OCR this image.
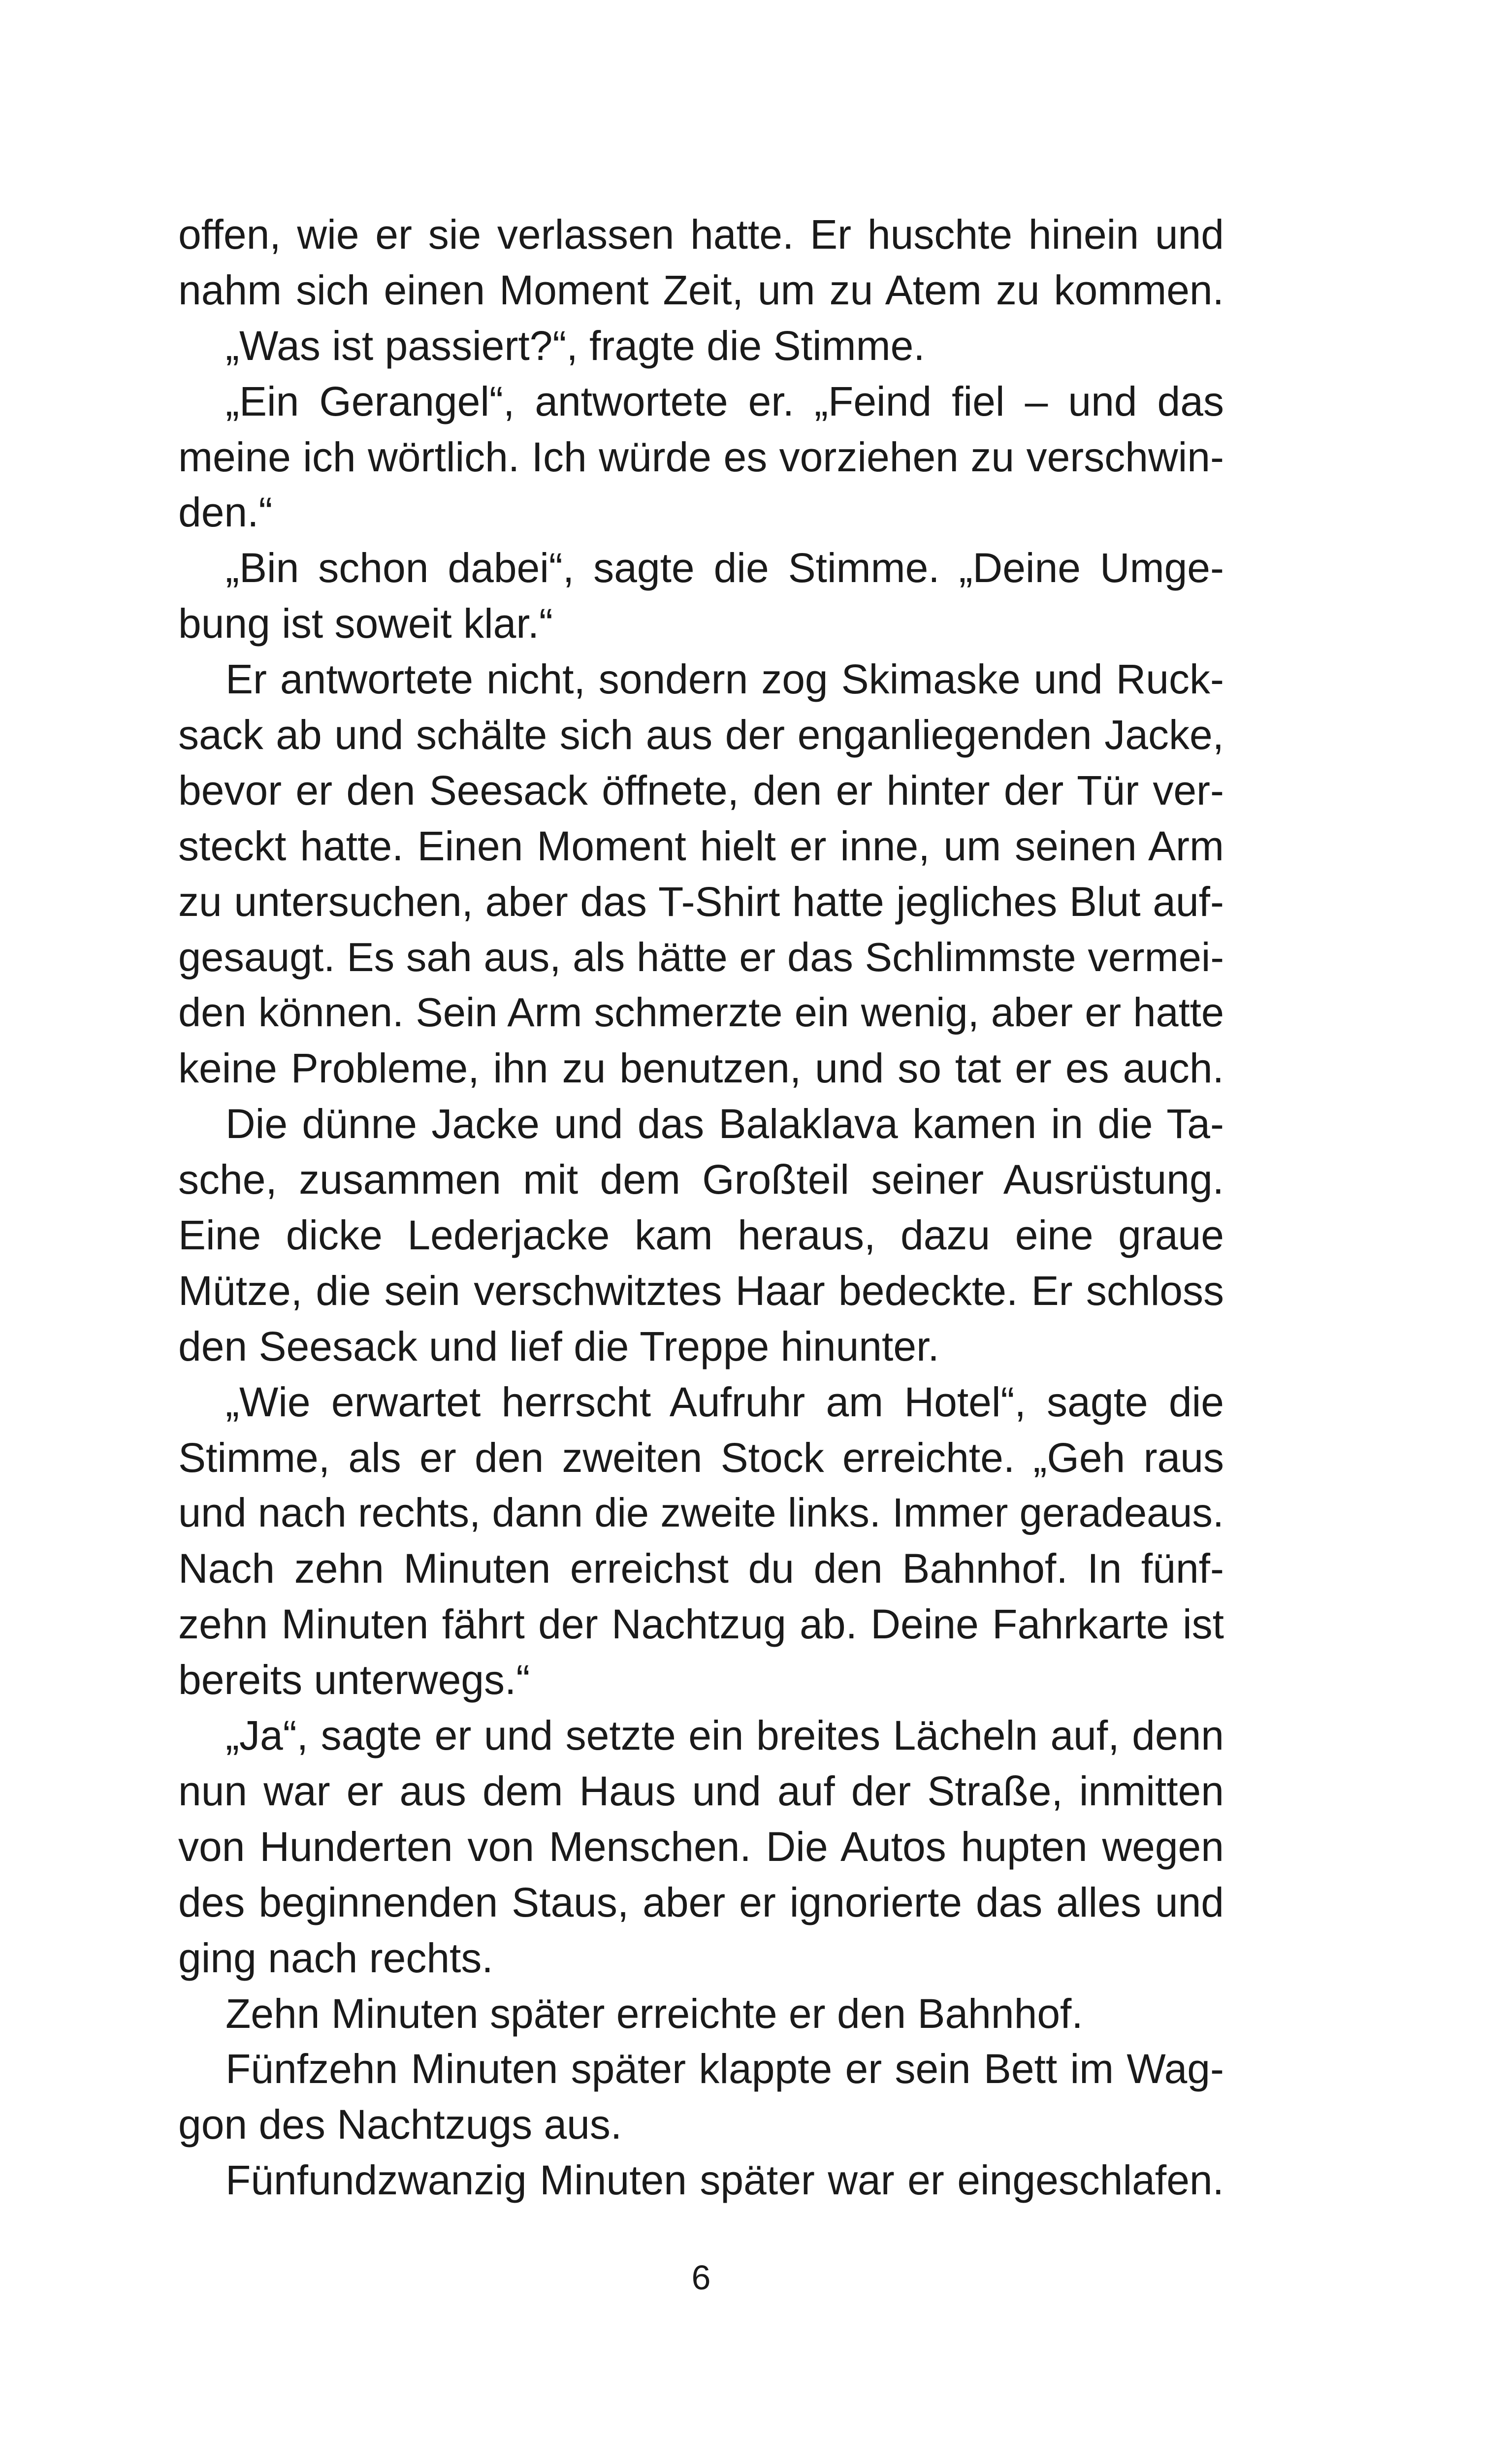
offen, wie er sie verlassen hatte. Er huschte hinein und
nahm sich einen Moment Zeit, um zu Atem zu kommen.
„Was ist passiert?“, fragte die Stimme.
„Ein Gerangel“, antwortete er. „Feind fiel – und das
meine ich wörtlich. Ich würde es vorziehen zu verschwin-
den.“
„Bin schon dabei“, sagte die Stimme. „Deine Umge-
bung ist soweit klar.“
Er antwortete nicht, sondern zog Skimaske und Ruck-
sack ab und schälte sich aus der enganliegenden Jacke,
bevor er den Seesack öffnete, den er hinter der Tür ver-
steckt hatte. Einen Moment hielt er inne, um seinen Arm
zu untersuchen, aber das T-Shirt hatte jegliches Blut auf-
gesaugt. Es sah aus, als hätte er das Schlimmste vermei-
den können. Sein Arm schmerzte ein wenig, aber er hatte
keine Probleme, ihn zu benutzen, und so tat er es auch.
Die dünne Jacke und das Balaklava kamen in die Ta-
sche, zusammen mit dem Großteil seiner Ausrüstung.
Eine dicke Lederjacke kam heraus, dazu eine graue
Mütze, die sein verschwitztes Haar bedeckte. Er schloss
den Seesack und lief die Treppe hinunter.
„Wie erwartet herrscht Aufruhr am Hotel“, sagte die
Stimme, als er den zweiten Stock erreichte. „Geh raus
und nach rechts, dann die zweite links. Immer geradeaus.
Nach zehn Minuten erreichst du den Bahnhof. In fünf-
zehn Minuten fährt der Nachtzug ab. Deine Fahrkarte ist
bereits unterwegs.“
„Ja“, sagte er und setzte ein breites Lächeln auf, denn
nun war er aus dem Haus und auf der Straße, inmitten
von Hunderten von Menschen. Die Autos hupten wegen
des beginnenden Staus, aber er ignorierte das alles und
ging nach rechts.
Zehn Minuten später erreichte er den Bahnhof.
Fünfzehn Minuten später klappte er sein Bett im Wag-
gon des Nachtzugs aus.
Fünfundzwanzig Minuten später war er eingeschlafen.
6
